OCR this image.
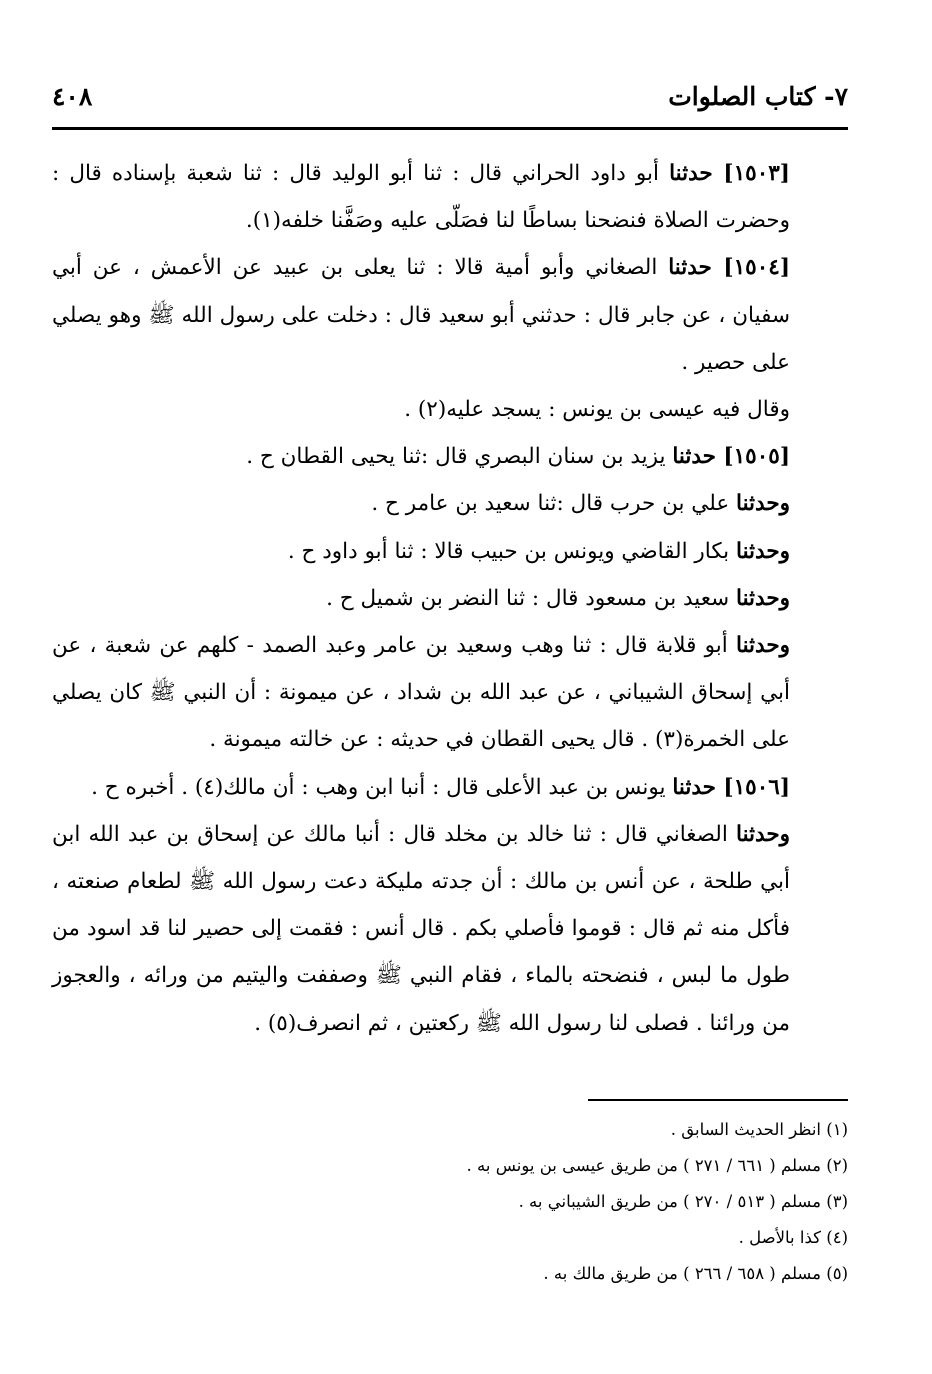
٤٠٨	٧- كتاب الصلوات

[١٥٠٣] حدثنا أبو داود الحراني قال : ثنا أبو الوليد قال : ثنا شعبة بإسناده قال : وحضرت الصلاة فنضحنا بساطًا لنا فصَلّى عليه وصَفَّنا خلفه(١).

[١٥٠٤] حدثنا الصغاني وأبو أمية قالا : ثنا يعلى بن عبيد عن الأعمش ، عن أبي سفيان ، عن جابر قال : حدثني أبو سعيد قال : دخلت على رسول الله ﷺ وهو يصلي على حصير .

وقال فيه عيسى بن يونس : يسجد عليه(٢) .

[١٥٠٥] حدثنا يزيد بن سنان البصري قال :ثنا يحيى القطان ح .

وحدثنا علي بن حرب قال :ثنا سعيد بن عامر ح .

وحدثنا بكار القاضي ويونس بن حبيب قالا : ثنا أبو داود ح .

وحدثنا سعيد بن مسعود قال : ثنا النضر بن شميل ح .

وحدثنا أبو قلابة قال : ثنا وهب وسعيد بن عامر وعبد الصمد - كلهم عن شعبة ، عن أبي إسحاق الشيباني ، عن عبد الله بن شداد ، عن ميمونة : أن النبي ﷺ كان يصلي على الخمرة(٣) . قال يحيى القطان في حديثه : عن خالته ميمونة .

[١٥٠٦] حدثنا يونس بن عبد الأعلى قال : أنبا ابن وهب : أن مالك(٤) . أخبره ح .

وحدثنا الصغاني قال : ثنا خالد بن مخلد قال : أنبا مالك عن إسحاق بن عبد الله ابن أبي طلحة ، عن أنس بن مالك : أن جدته مليكة دعت رسول الله ﷺ لطعام صنعته ، فأكل منه ثم قال : قوموا فأصلي بكم . قال أنس : فقمت إلى حصير لنا قد اسود من طول ما لبس ، فنضحته بالماء ، فقام النبي ﷺ وصففت واليتيم من ورائه ، والعجوز من ورائنا . فصلى لنا رسول الله ﷺ ركعتين ، ثم انصرف(٥) .

(١) انظر الحديث السابق .

(٢) مسلم ( ٦٦١ / ٢٧١ ) من طريق عيسى بن يونس به .

(٣) مسلم ( ٥١٣ / ٢٧٠ ) من طريق الشيباني به .

(٤) كذا بالأصل .

(٥) مسلم ( ٦٥٨ / ٢٦٦ ) من طريق مالك به .
